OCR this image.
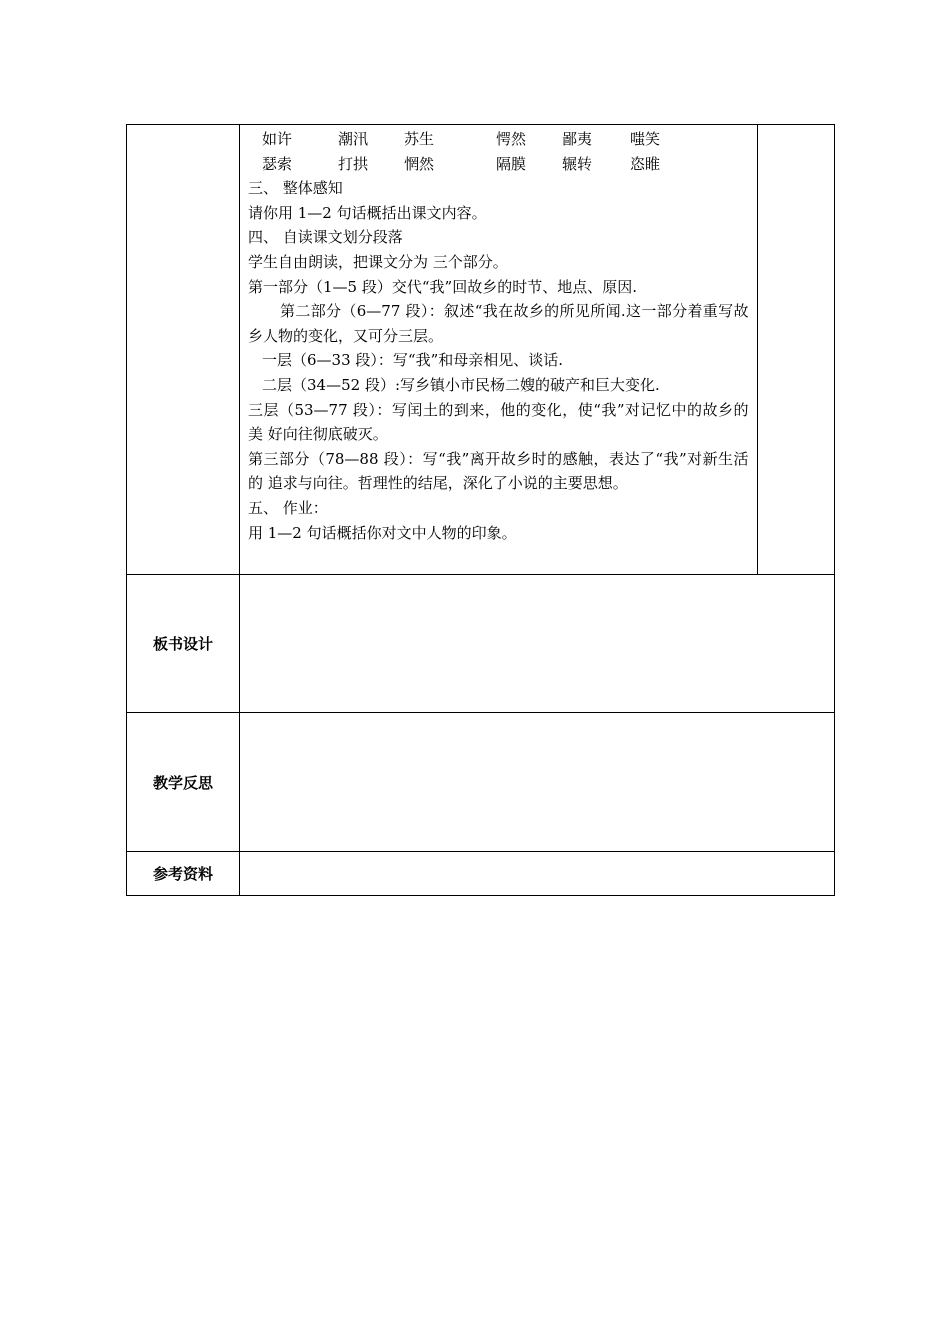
如许	潮汛	苏生	愕然	鄙夷	嗤笑
瑟索	打拱	惘然	隔膜	辗转	恣睢

三、 整体感知

请你用 1—2 句话概括出课文内容。

四、 自读课文划分段落

学生自由朗读，把课文分为 三个部分。

第一部分（1—5 段）交代“我”回故乡的时节、地点、原因.

第二部分（6—77 段）：叙述“我在故乡的所见所闻.这一部分着重写故乡人物的变化，又可分三层。

一层（6—33 段）：写“我”和母亲相见、谈话.

二层（34—52 段）:写乡镇小市民杨二嫂的破产和巨大变化.

三层（53—77 段）：写闰土的到来，他的变化，使“我”对记忆中的故乡的美 好向往彻底破灭。

第三部分（78—88 段）：写“我”离开故乡时的感触，表达了“我”对新生活的 追求与向往。哲理性的结尾，深化了小说的主要思想。

五、 作业：

用 1—2 句话概括你对文中人物的印象。

板书设计	
教学反思	
参考资料	
